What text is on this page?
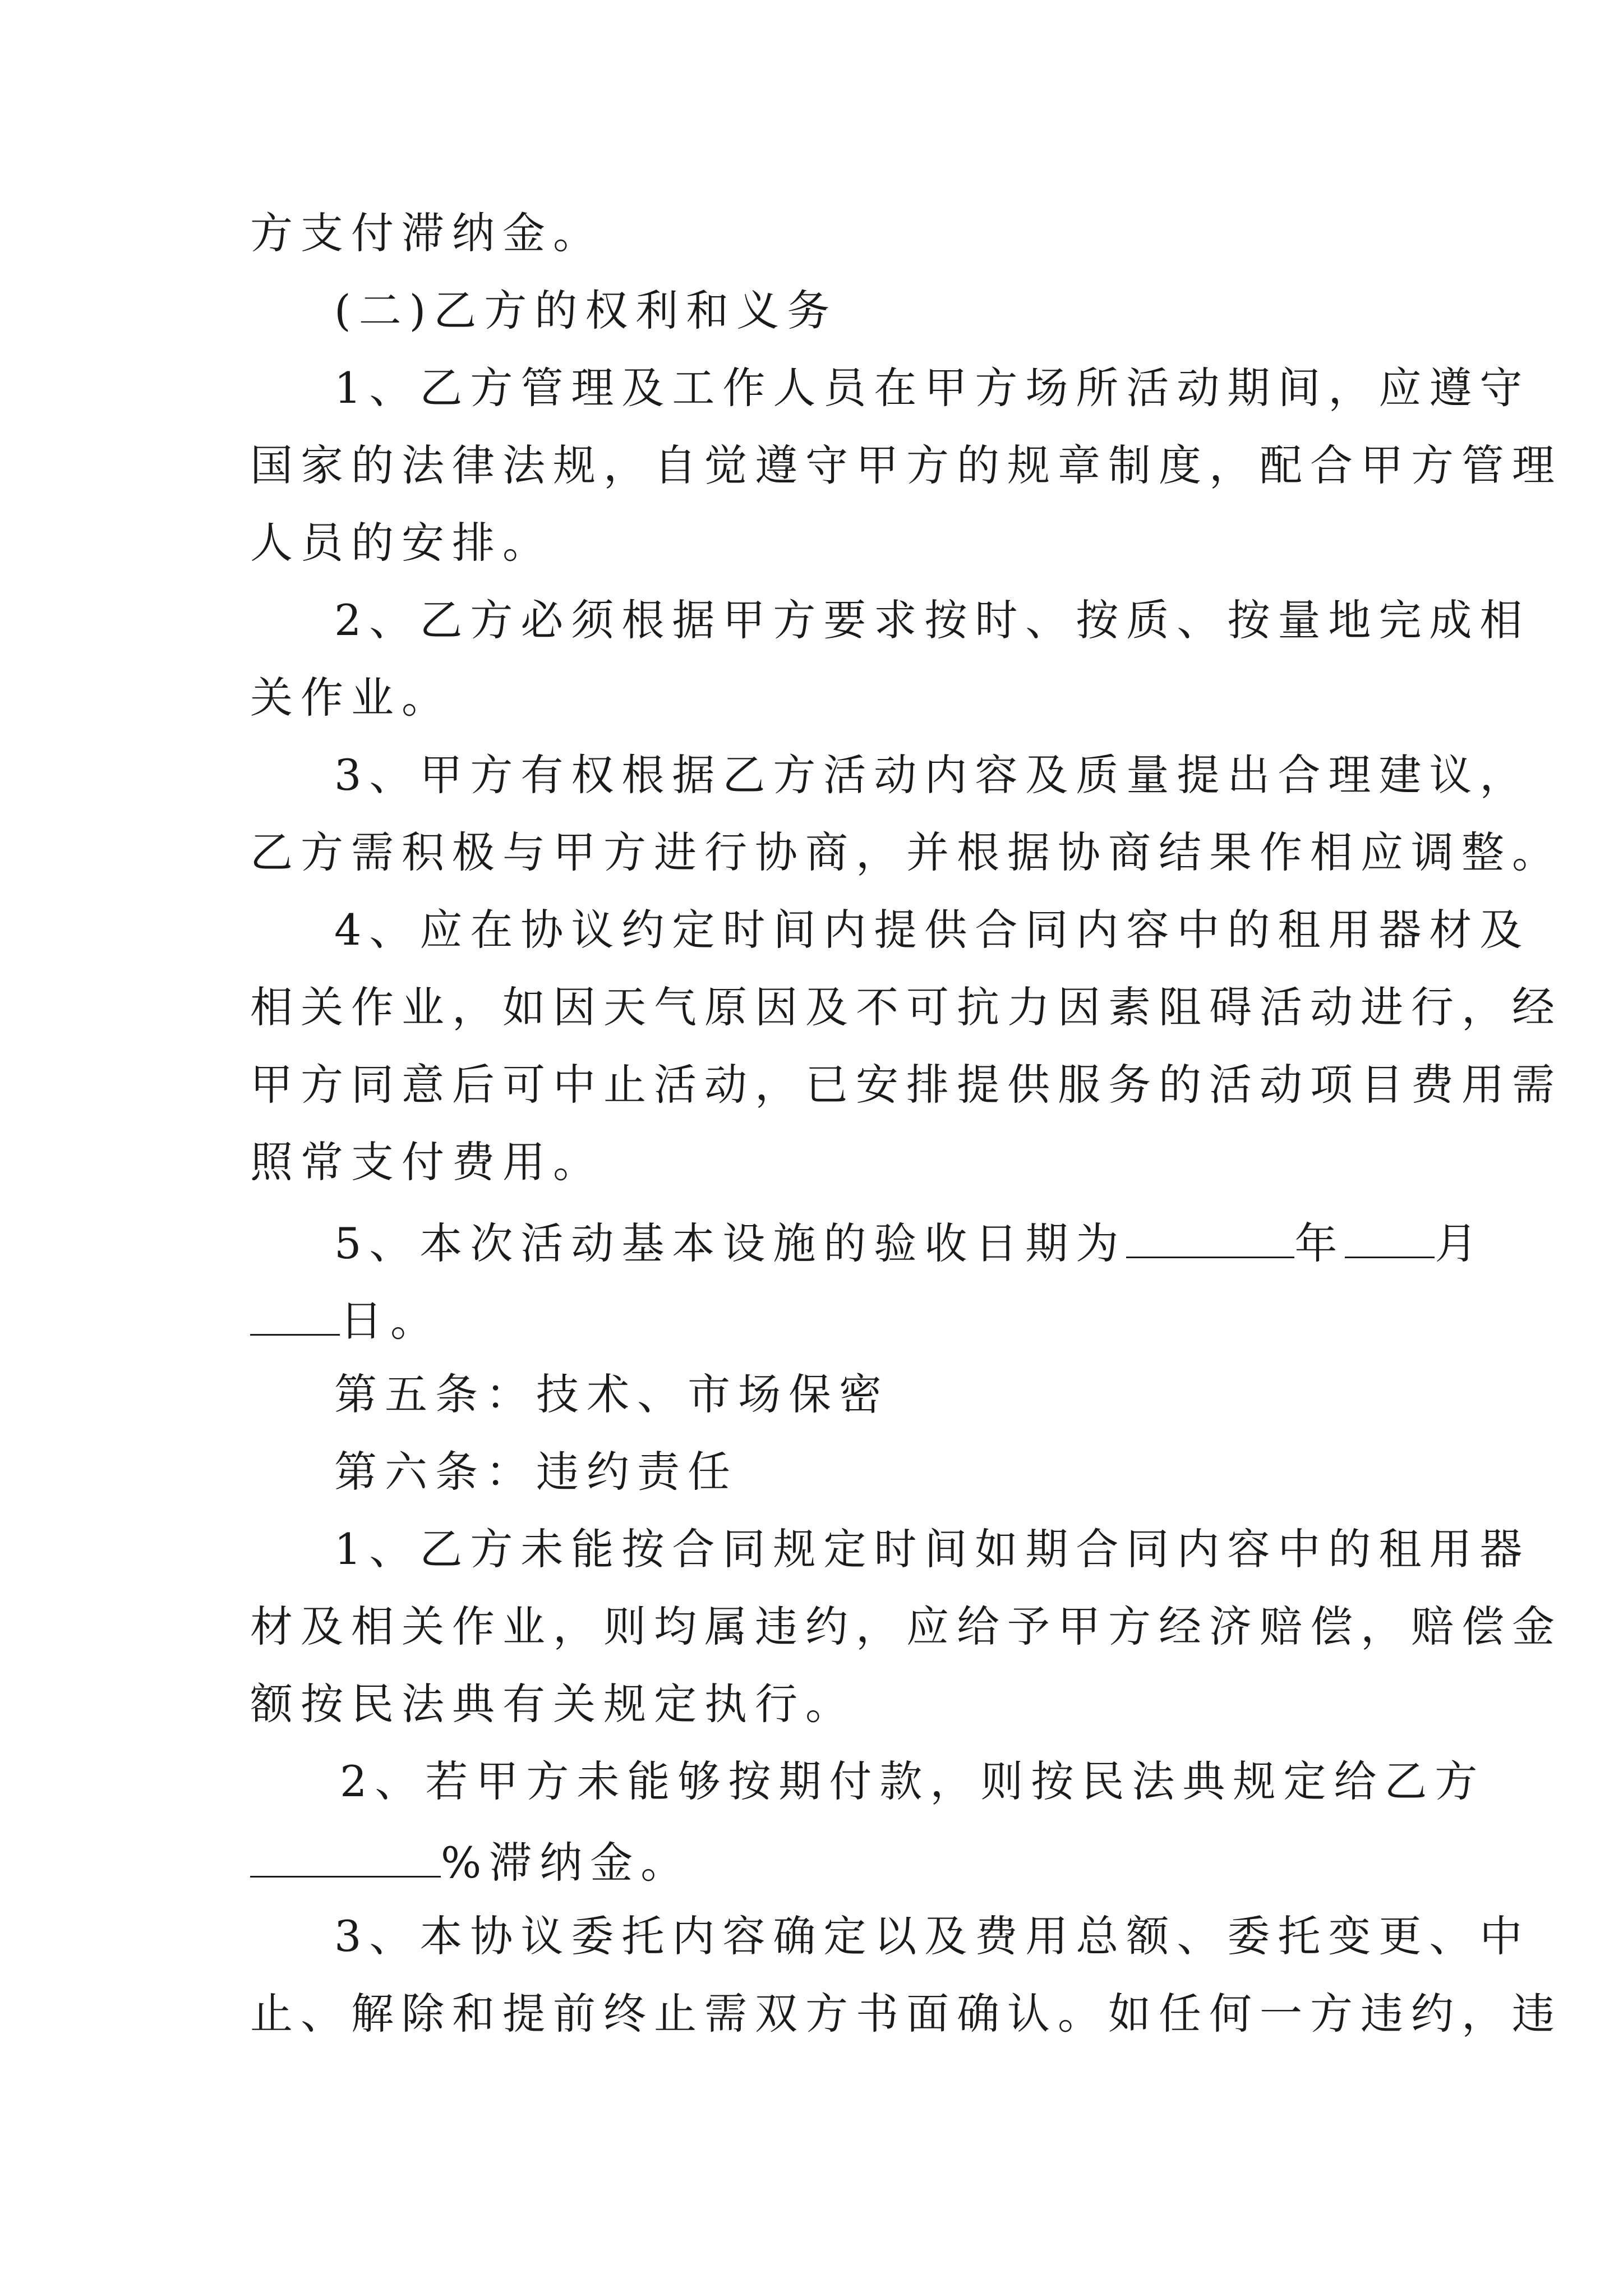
方支付滞纳金。
(二)乙方的权利和义务
1、乙方管理及工作人员在甲方场所活动期间，应遵守
国家的法律法规，自觉遵守甲方的规章制度，配合甲方管理
人员的安排。
2、乙方必须根据甲方要求按时、按质、按量地完成相
关作业。
3、甲方有权根据乙方活动内容及质量提出合理建议，
乙方需积极与甲方进行协商，并根据协商结果作相应调整。
4、应在协议约定时间内提供合同内容中的租用器材及
相关作业，如因天气原因及不可抗力因素阻碍活动进行，经
甲方同意后可中止活动，已安排提供服务的活动项目费用需
照常支付费用。
5、本次活动基本设施的验收日期为	年 月
日。
第五条：技术、市场保密
第六条：违约责任
1、乙方未能按合同规定时间如期合同内容中的租用器
材及相关作业，则均属违约，应给予甲方经济赔偿，赔偿金
额按民法典有关规定执行。
2、若甲方未能够按期付款，则按民法典规定给乙方
%滞纳金。
3、本协议委托内容确定以及费用总额、委托变更、中
止、解除和提前终止需双方书面确认。如任何一方违约，违
